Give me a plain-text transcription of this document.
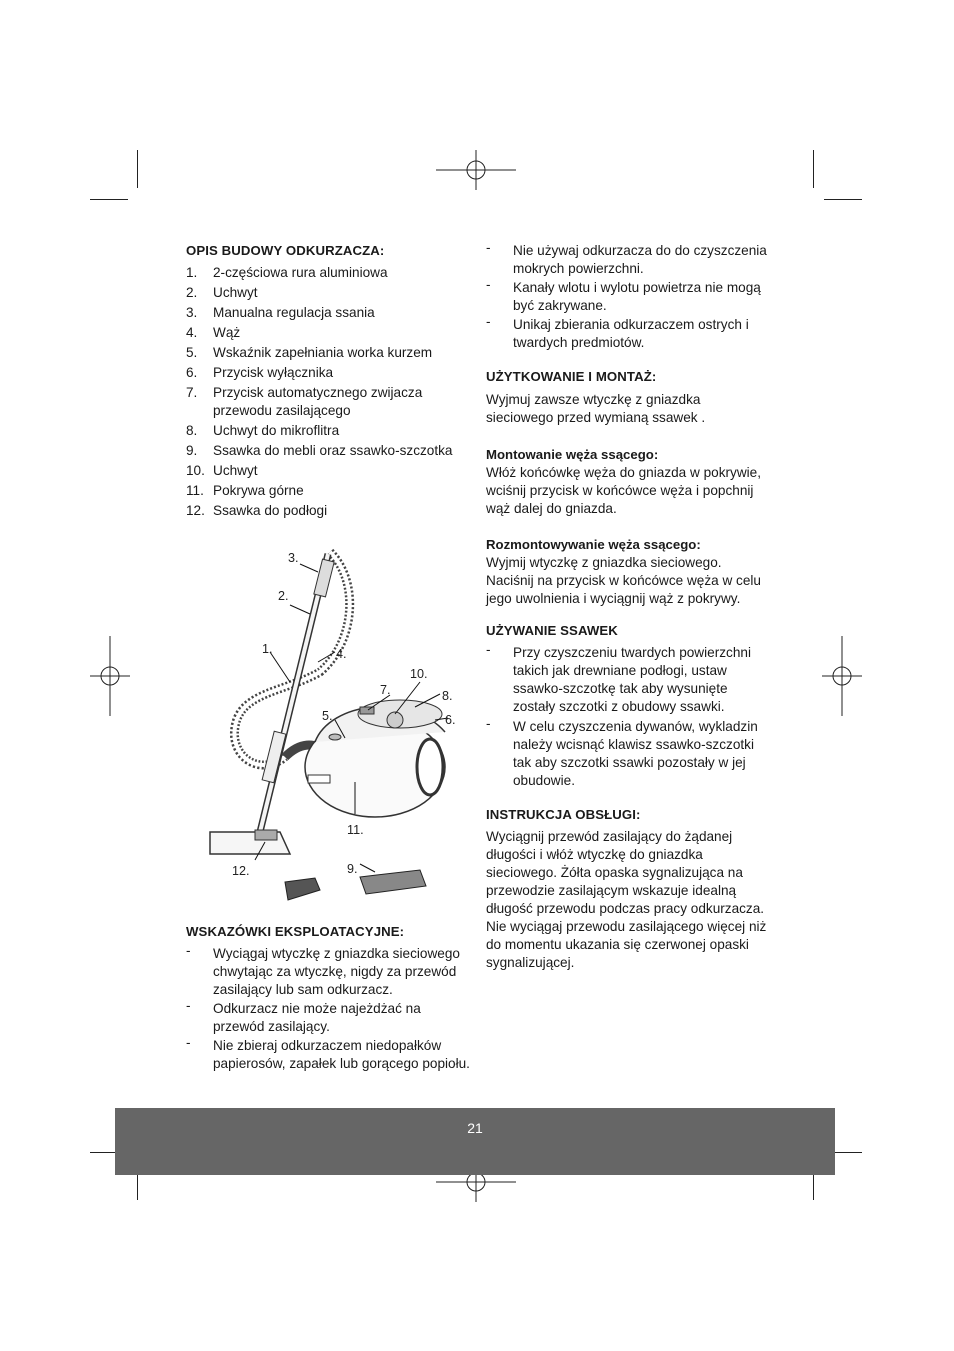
OPIS BUDOWY ODKURZACZA:
1. 2-częściowa rura aluminiowa
2. Uchwyt
3. Manualna regulacja ssania
4. Wąż
5. Wskaźnik zapełniania worka kurzem
6. Przycisk wyłącznika
7. Przycisk automatycznego zwijacza przewodu zasilającego
8. Uchwyt do mikroflitra
9. Ssawka do mebli oraz ssawko-szczotka
10. Uchwyt
11. Pokrywa górne
12. Ssawka do podłogi
1.
2.
3.
4.
5.	6.
7.	8.
9.
10.
11.
12.
WSKAZÓWKI EKSPLOATACYJNE:
- Wyciągaj wtyczkę z gniazdka sieciowego chwytając za wtyczkę, nigdy za przewód zasilający lub sam odkurzacz.
- Odkurzacz nie może najeżdżać na przewód zasilający.
- Nie zbieraj odkurzaczem niedopałków papierosów, zapałek lub gorącego popiołu.
- Nie używaj odkurzacza do do czyszczenia mokrych powierzchni.
- Kanały wlotu i wylotu powietrza nie mogą być zakrywane.
- Unikaj zbierania odkurzaczem ostrych i twardych predmiotów.
UŻYTKOWANIE I MONTAŻ:

Wyjmuj zawsze wtyczkę z gniazdka sieciowego przed wymianą ssawek .

Montowanie węża ssącego:

Włóż końcówkę węża do gniazda w pokrywie, wciśnij przycisk w końcówce węża i popchnij wąż dalej do gniazda.

Rozmontowywanie węża ssącego:

Wyjmij wtyczkę z gniazdka sieciowego. Naciśnij na przycisk w końcówce węża w celu jego uwolnienia i wyciągnij wąż z pokrywy.

UŻYWANIE SSAWEK
- Przy czyszczeniu twardych powierzchni takich jak drewniane podłogi, ustaw ssawko-szczotkę tak aby wysunięte zostały szczotki z obudowy ssawki.
- W celu czyszczenia dywanów, wykladzin należy wcisnąć klawisz ssawko-szczotki tak aby szczotki ssawki pozostały w jej obudowie.
INSTRUKCJA OBSŁUGI:

Wyciągnij przewód zasilający do żądanej długości i włóż wtyczkę do gniazdka sieciowego. Żółta opaska sygnalizująca na przewodzie zasilającym wskazuje idealną długość przewodu podczas pracy odkurzacza. Nie wyciągaj przewodu zasilającego więcej niż do momentu ukazania się czerwonej opaski sygnalizującej.

21
